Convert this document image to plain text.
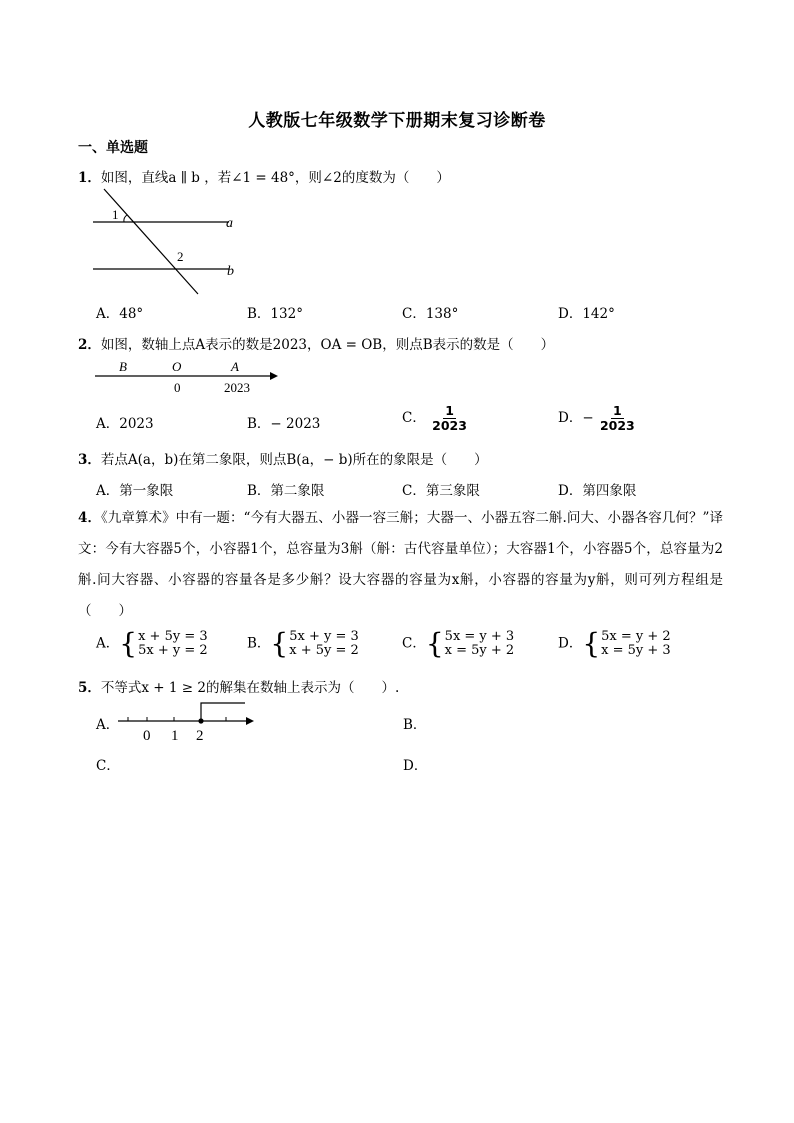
人教版七年级数学下册期末复习诊断卷
一、单选题
1．如图，直线a ∥ b ，若∠1 = 48°，则∠2的度数为（　　）
1
2
a
b
A．48°	B．132°	C．138°	D．142°
2．如图，数轴上点A表示的数是2023，OA = OB，则点B表示的数是（　　）
B	O	A
0	2023
A．2023	B．− 2023	C． $\frac{1}{2023}$	D．− $\frac{1}{2023}$
3．若点A(a，b)在第二象限，则点B(a，− b)所在的象限是（　　）
A．第一象限	B．第二象限	C．第三象限	D．第四象限
4．《九章算术》中有一题：“今有大器五、小器一容三斛；大器一、小器五容二斛.问大、小器各容几何？”译文：今有大容器5个，小容器1个，总容量为3斛（斛：古代容量单位）；大容器1个，小容器5个，总容量为2斛.问大容器、小容器的容量各是多少斛？设大容器的容量为x斛，小容器的容量为y斛，则可列方程组是（　　）
A． { x + 5y = 3
5x + y = 2	B． { 5x + y = 3
x + 5y = 2	C． { 5x = y + 3
x = 5y + 2	D． { 5x = y + 2
x = 5y + 3
5．不等式x + 1 ≥ 2的解集在数轴上表示为（　　）.
A．
0 1 2
B．
C．	D．
